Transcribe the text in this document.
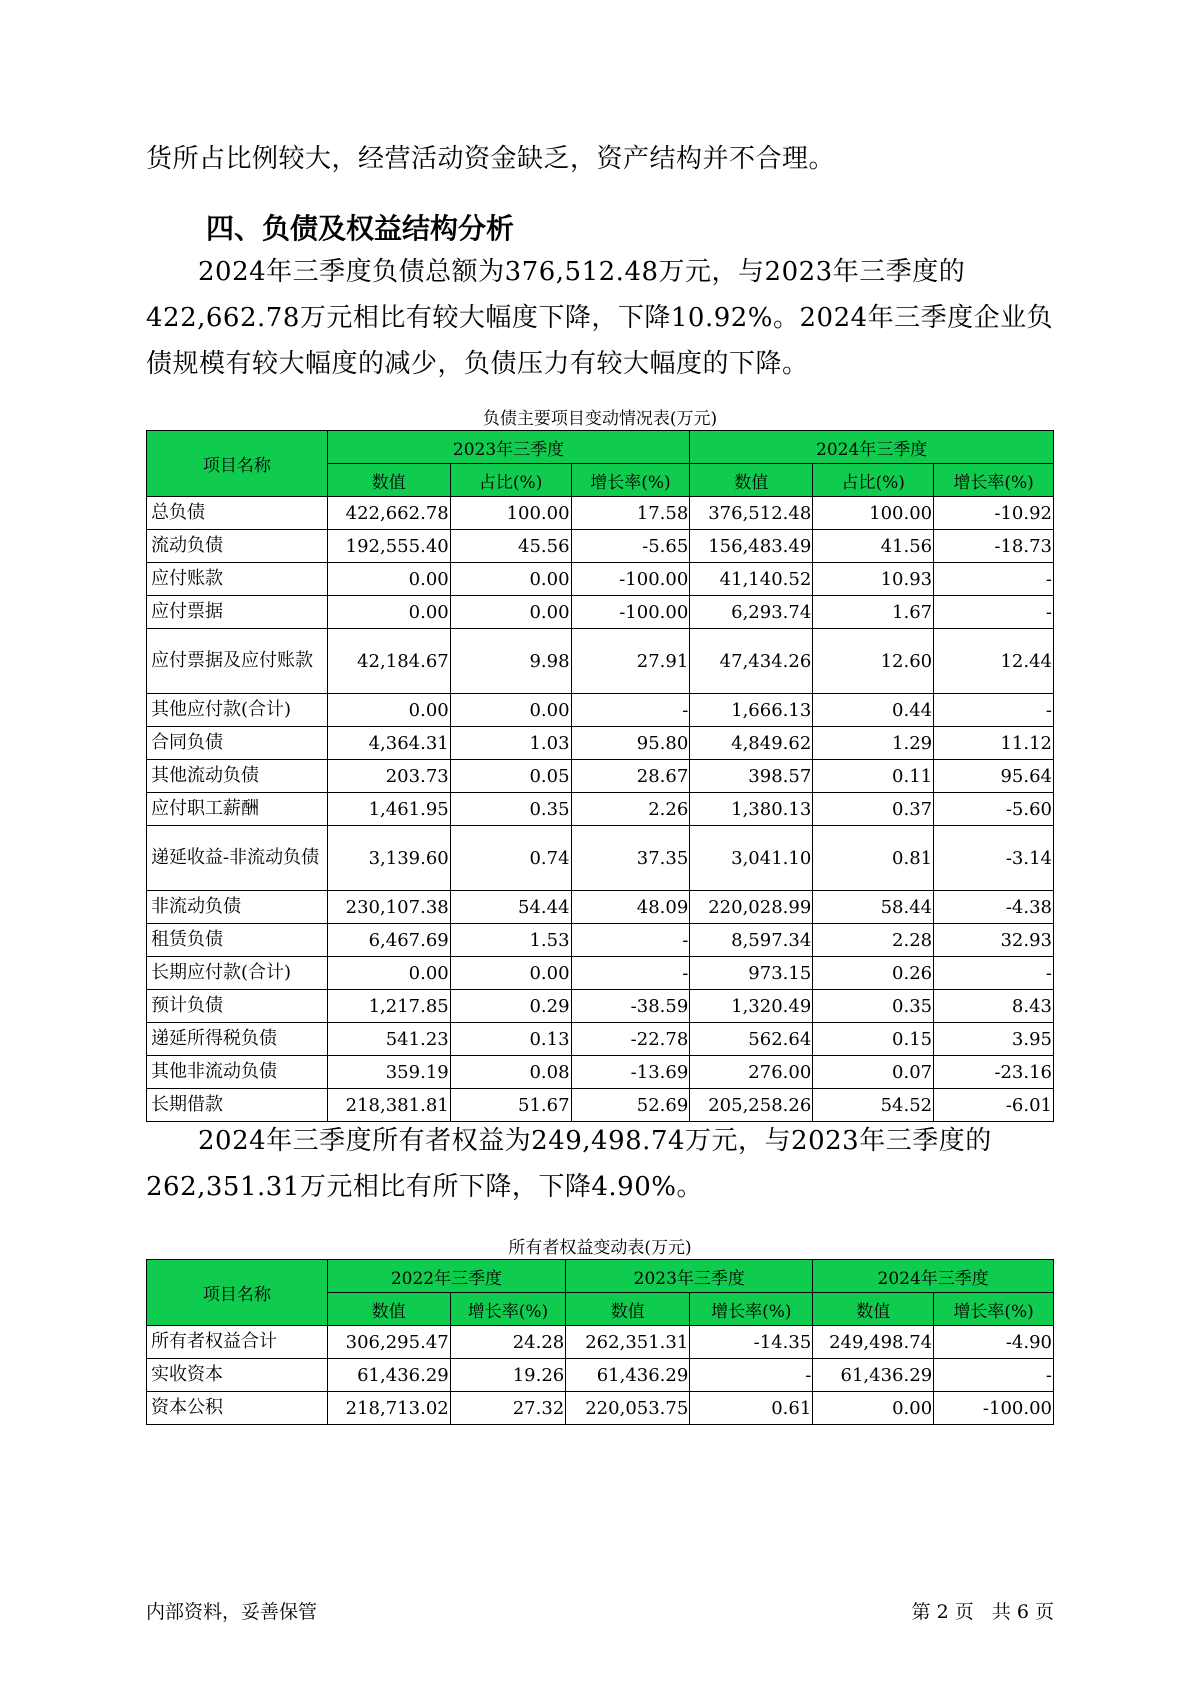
货所占比例较大，经营活动资金缺乏，资产结构并不合理。

四、负债及权益结构分析

2024年三季度负债总额为376,512.48万元，与2023年三季度的422,662.78万元相比有较大幅度下降，下降10.92%。2024年三季度企业负债规模有较大幅度的减少，负债压力有较大幅度的下降。

负债主要项目变动情况表(万元)
项目名称	2023年三季度			2024年三季度		
	数值	占比(%)	增长率(%)	数值	占比(%)	增长率(%)
总负债	422,662.78	100.00	17.58	376,512.48	100.00	-10.92
流动负债	192,555.40	45.56	-5.65	156,483.49	41.56	-18.73
应付账款	0.00	0.00	-100.00	41,140.52	10.93	-
应付票据	0.00	0.00	-100.00	6,293.74	1.67	-
应付票据及应付账款	42,184.67	9.98	27.91	47,434.26	12.60	12.44
其他应付款(合计)	0.00	0.00	-	1,666.13	0.44	-
合同负债	4,364.31	1.03	95.80	4,849.62	1.29	11.12
其他流动负债	203.73	0.05	28.67	398.57	0.11	95.64
应付职工薪酬	1,461.95	0.35	2.26	1,380.13	0.37	-5.60
递延收益-非流动负债	3,139.60	0.74	37.35	3,041.10	0.81	-3.14
非流动负债	230,107.38	54.44	48.09	220,028.99	58.44	-4.38
租赁负债	6,467.69	1.53	-	8,597.34	2.28	32.93
长期应付款(合计)	0.00	0.00	-	973.15	0.26	-
预计负债	1,217.85	0.29	-38.59	1,320.49	0.35	8.43
递延所得税负债	541.23	0.13	-22.78	562.64	0.15	3.95
其他非流动负债	359.19	0.08	-13.69	276.00	0.07	-23.16
长期借款	218,381.81	51.67	52.69	205,258.26	54.52	-6.01

2024年三季度所有者权益为249,498.74万元，与2023年三季度的262,351.31万元相比有所下降，下降4.90%。

所有者权益变动表(万元)
项目名称	2022年三季度		2023年三季度		2024年三季度	
	数值	增长率(%)	数值	增长率(%)	数值	增长率(%)
所有者权益合计	306,295.47	24.28	262,351.31	-14.35	249,498.74	-4.90
实收资本	61,436.29	19.26	61,436.29	-	61,436.29	-
资本公积	218,713.02	27.32	220,053.75	0.61	0.00	-100.00
内部资料，妥善保管	第 2 页   共 6 页
